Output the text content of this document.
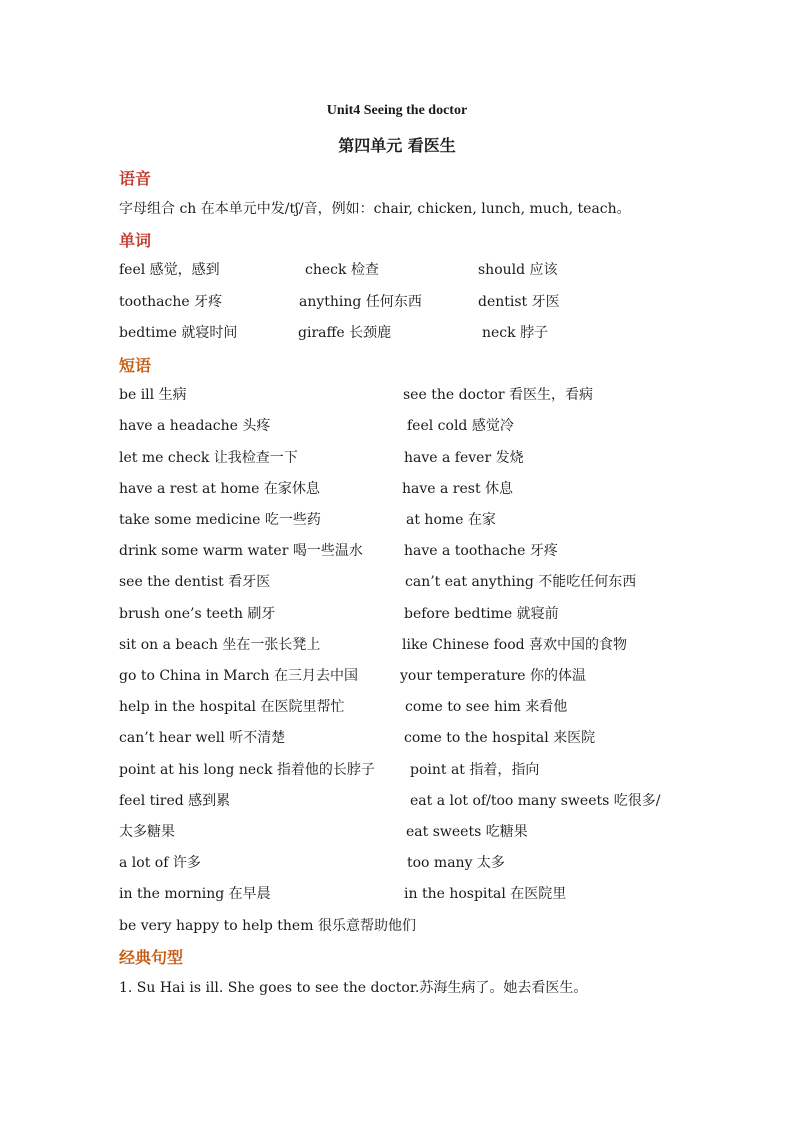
Unit4 Seeing the doctor
第四单元 看医生
语音
字母组合 ch 在本单元中发/tʃ/音，例如：chair, chicken, lunch, much, teach。
单词
feel 感觉，感到	check 检查	should 应该
toothache 牙疼	anything 任何东西	dentist 牙医
bedtime 就寝时间	giraffe 长颈鹿	neck 脖子
短语
be ill 生病	see the doctor 看医生，看病
have a headache 头疼	feel cold 感觉冷
let me check 让我检查一下	have a fever 发烧
have a rest at home 在家休息	have a rest 休息
take some medicine 吃一些药	at home 在家
drink some warm water 喝一些温水	have a toothache 牙疼
see the dentist 看牙医	can’t eat anything 不能吃任何东西
brush one’s teeth 刷牙	before bedtime 就寝前
sit on a beach 坐在一张长凳上	like Chinese food 喜欢中国的食物
go to China in March 在三月去中国	your temperature 你的体温
help in the hospital 在医院里帮忙	come to see him 来看他
can’t hear well 听不清楚	come to the hospital 来医院
point at his long neck 指着他的长脖子	point at 指着，指向
feel tired 感到累	eat a lot of/too many sweets 吃很多/
太多糖果	eat sweets 吃糖果
a lot of 许多	too many 太多
in the morning 在早晨	in the hospital 在医院里
be very happy to help them 很乐意帮助他们
经典句型
1. Su Hai is ill. She goes to see the doctor.苏海生病了。她去看医生。
